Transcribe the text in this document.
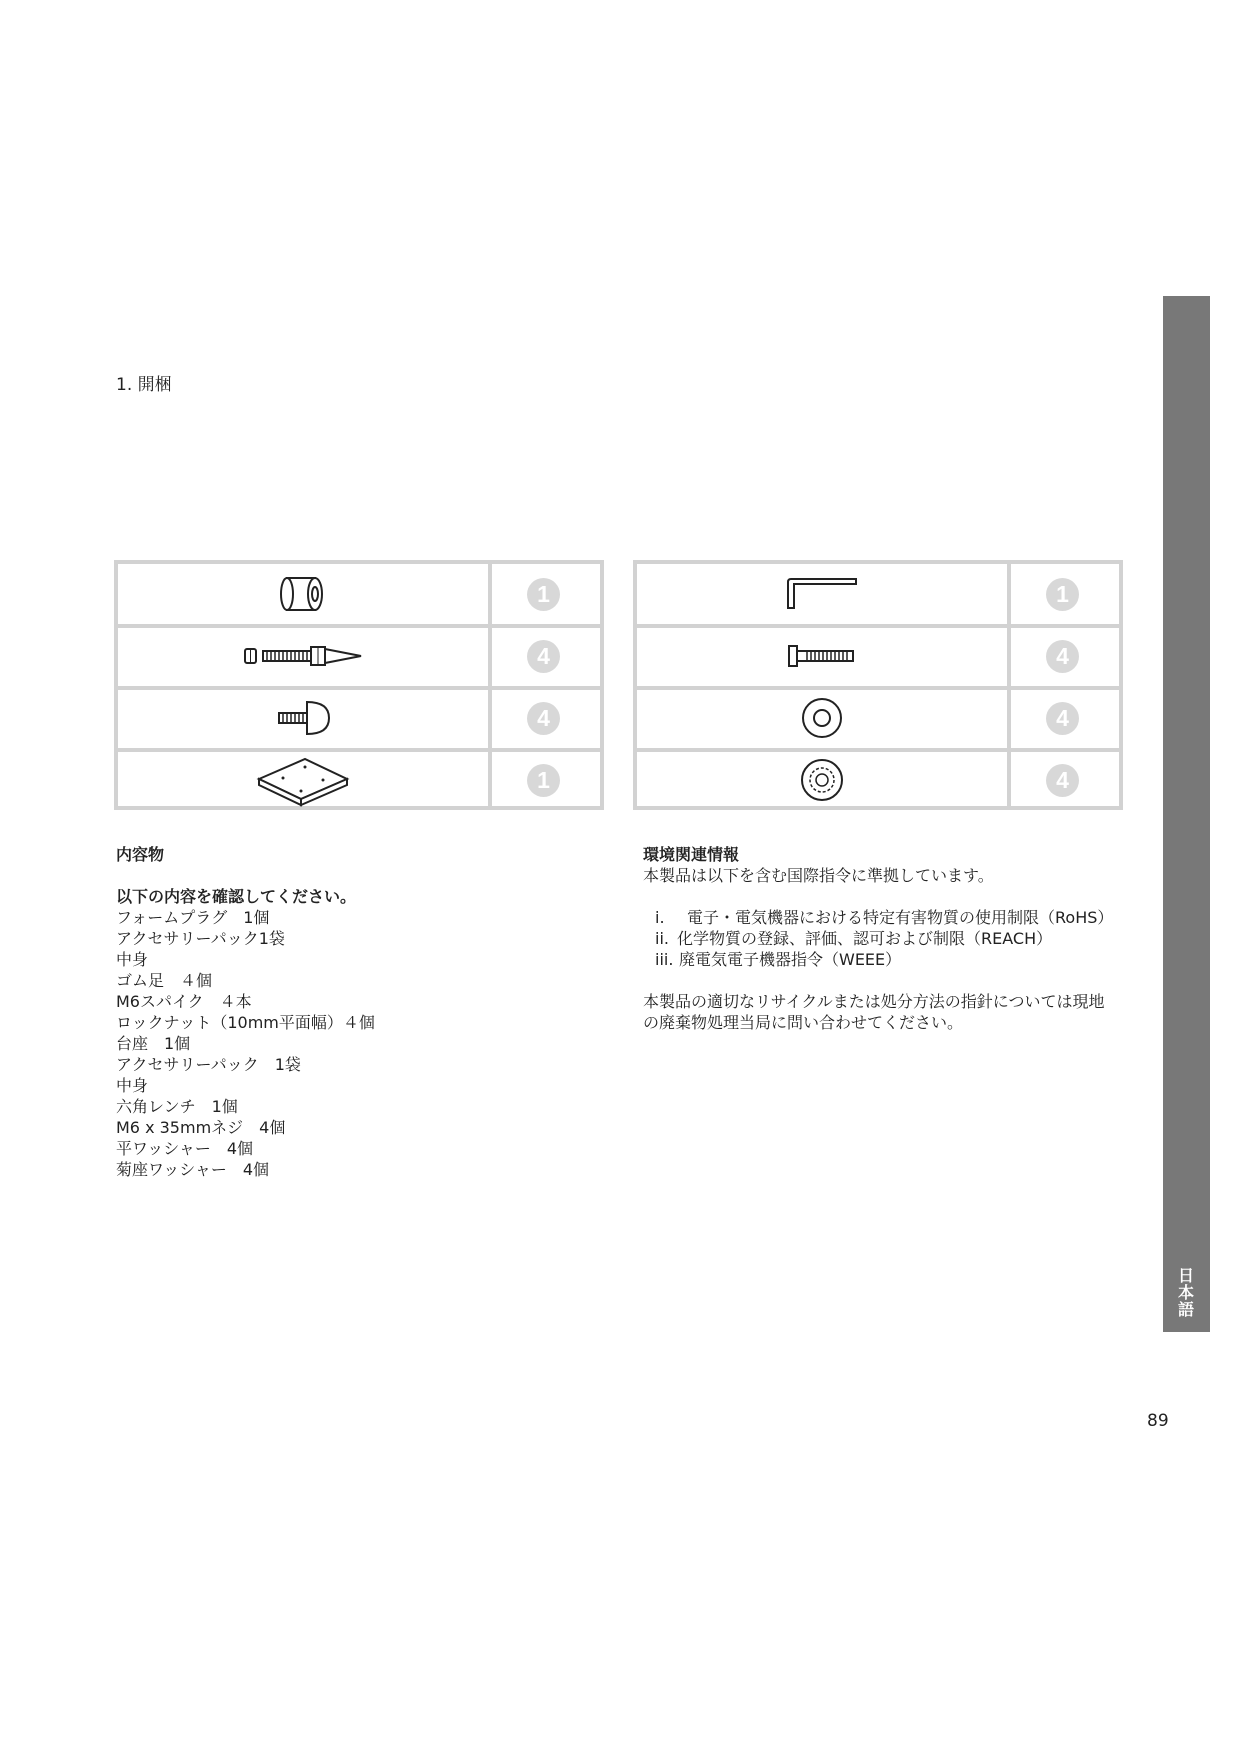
1. 開梱
日本語
1
4
4
1
1
4
4
4
内容物
以下の内容を確認してください。
フォームプラグ　1個
アクセサリーパック1袋
中身
ゴム足　４個
M6スパイク　４本
ロックナット（10mm平面幅）４個
台座　1個
アクセサリーパック　1袋
中身
六角レンチ　1個
M6 x 35mmネジ　4個
平ワッシャー　4個
菊座ワッシャー　4個
環境関連情報
本製品は以下を含む国際指令に準拠しています。
i. 電子・電気機器における特定有害物質の使用制限（RoHS）
ii. 化学物質の登録、評価、認可および制限（REACH）
iii. 廃電気電子機器指令（WEEE）
本製品の適切なリサイクルまたは処分方法の指針については現地
の廃棄物処理当局に問い合わせてください。
89
